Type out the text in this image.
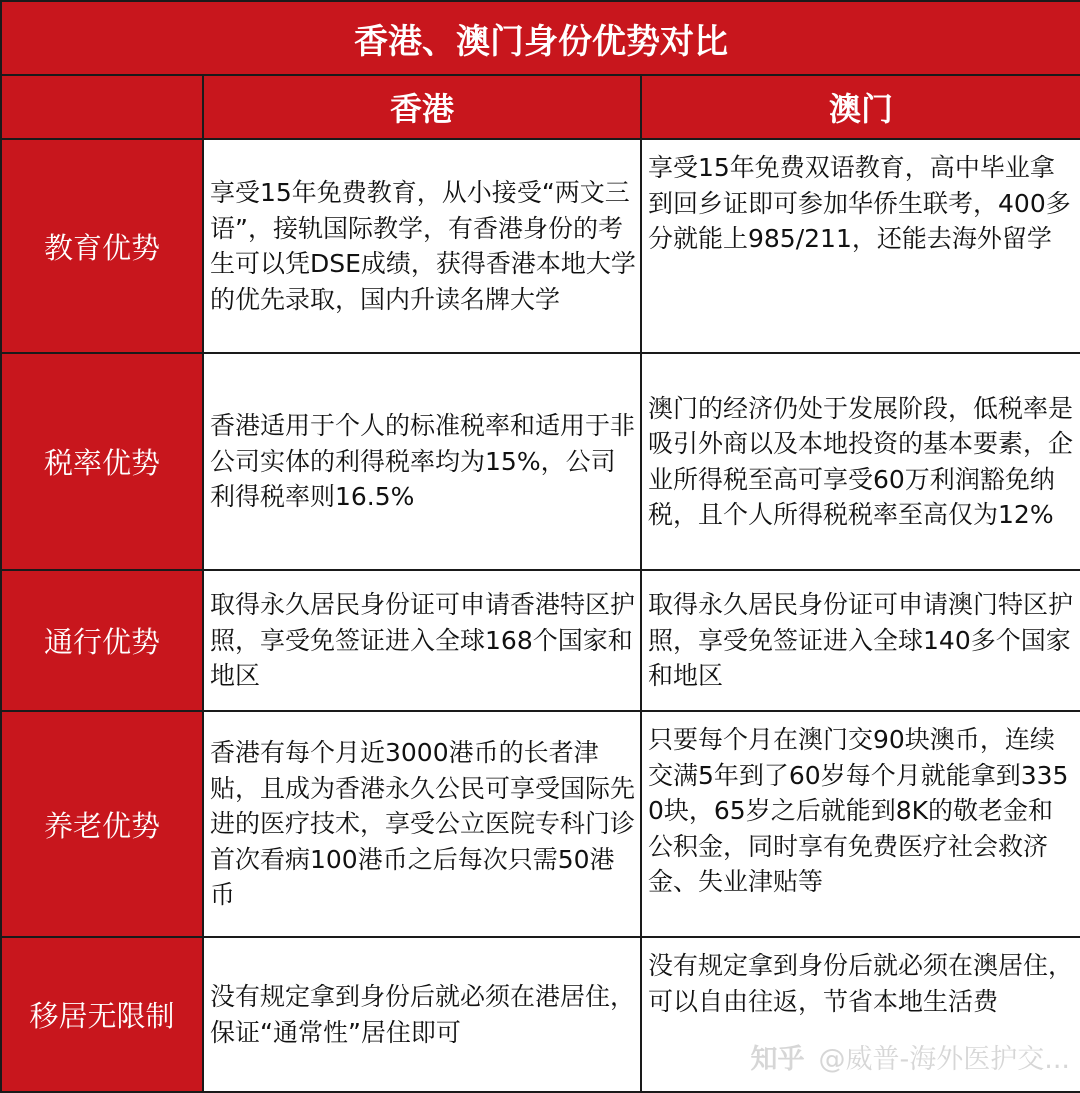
香港、澳门身份优势对比		
	香港	澳门
教育优势	享受15年免费教育，从小接受“两文三语”，接轨国际教学，有香港身份的考生可以凭DSE成绩，获得香港本地大学的优先录取，国内升读名牌大学	享受15年免费双语教育，高中毕业拿到回乡证即可参加华侨生联考，400多分就能上985/211，还能去海外留学
税率优势	香港适用于个人的标准税率和适用于非公司实体的利得税率均为15%，公司利得税率则16.5%	澳门的经济仍处于发展阶段，低税率是吸引外商以及本地投资的基本要素，企业所得税至高可享受60万利润豁免纳税，且个人所得税税率至高仅为12%
通行优势	取得永久居民身份证可申请香港特区护照，享受免签证进入全球168个国家和地区	取得永久居民身份证可申请澳门特区护照，享受免签证进入全球140多个国家和地区
养老优势	香港有每个月近3000港币的长者津贴，且成为香港永久公民可享受国际先进的医疗技术，享受公立医院专科门诊首次看病100港币之后每次只需50港币	只要每个月在澳门交90块澳币，连续交满5年到了60岁每个月就能拿到3350块，65岁之后就能到8K的敬老金和公积金，同时享有免费医疗社会救济金、失业津贴等
移居无限制	没有规定拿到身份后就必须在港居住，保证“通常性”居住即可	没有规定拿到身份后就必须在澳居住，可以自由往返，节省本地生活费
知乎 @威普-海外医护交...
